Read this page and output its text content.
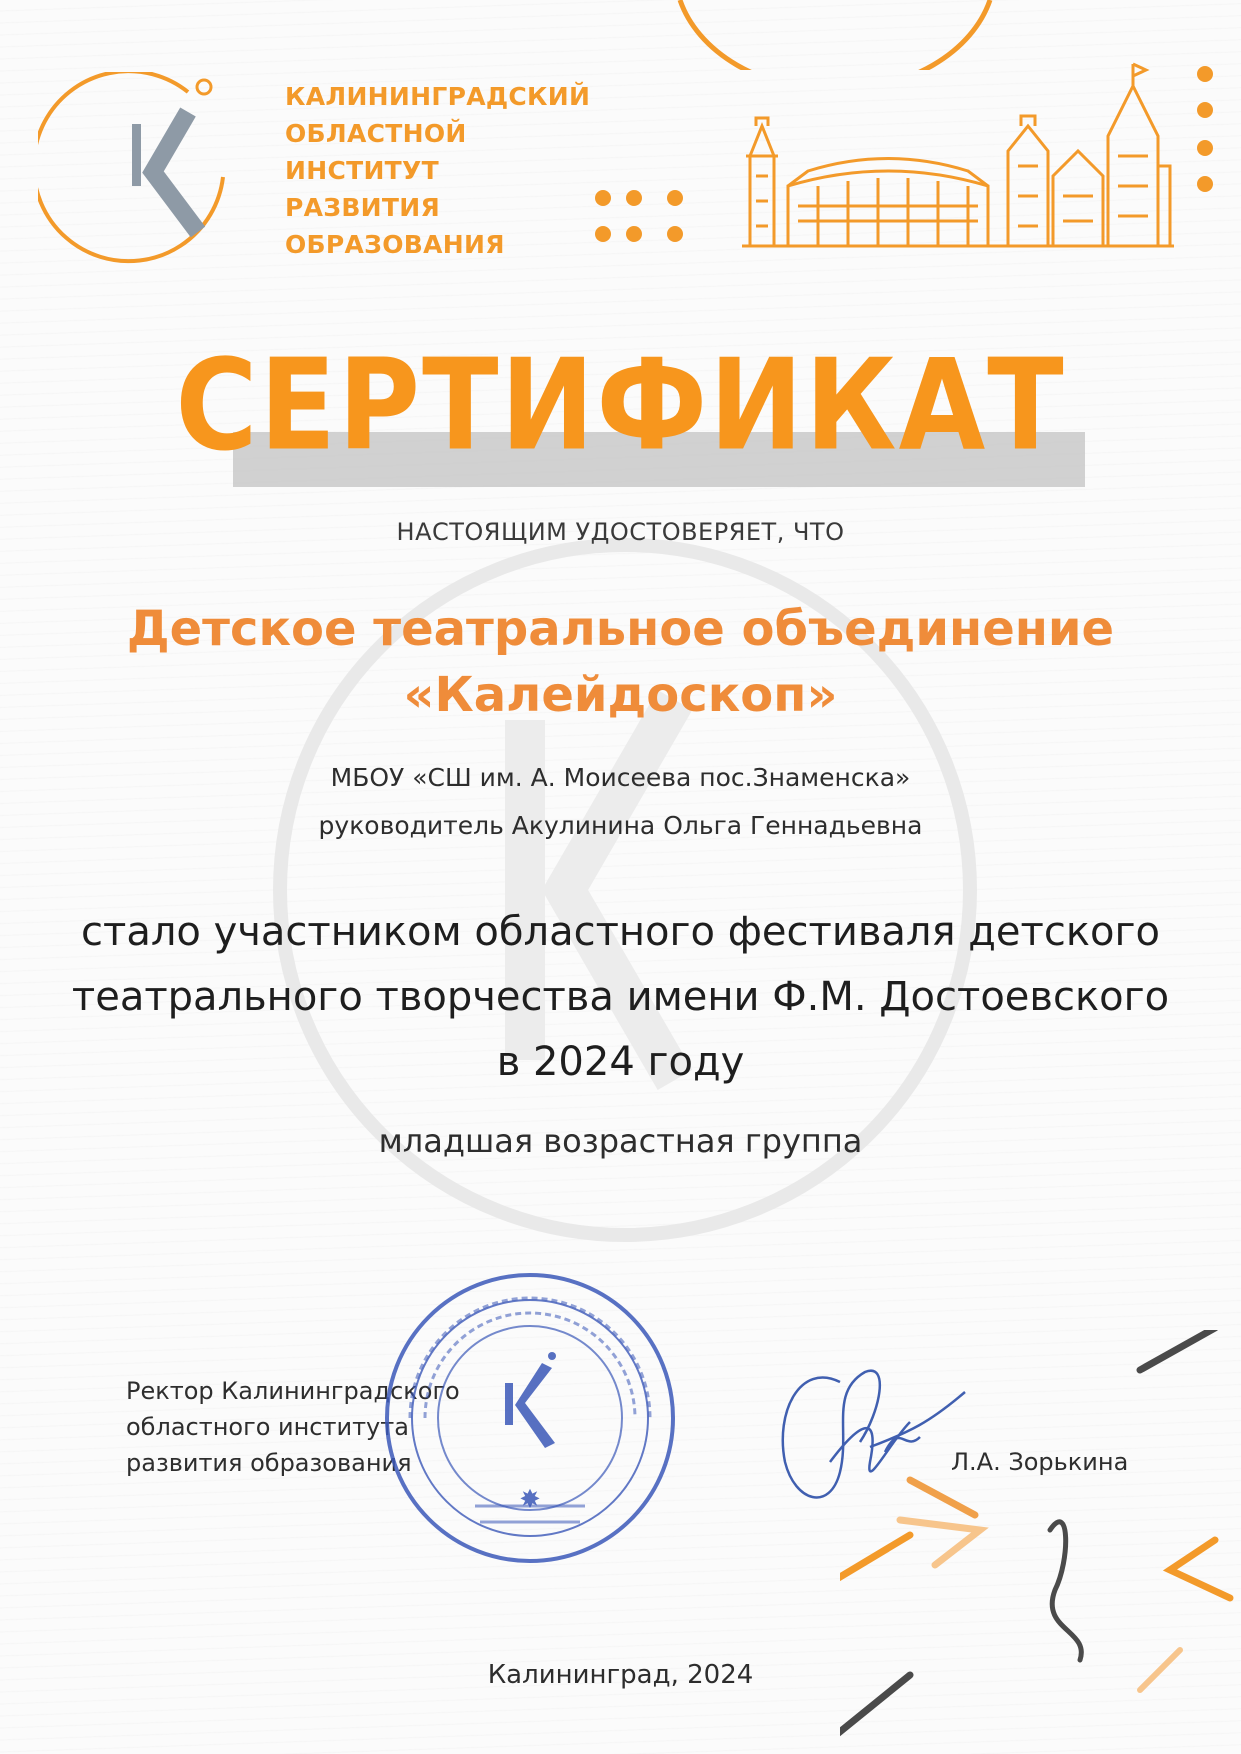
КАЛИНИНГРАДСКИЙ
ОБЛАСТНОЙ
ИНСТИТУТ
РАЗВИТИЯ
ОБРАЗОВАНИЯ
СЕРТИФИКАТ
НАСТОЯЩИМ УДОСТОВЕРЯЕТ, ЧТО
Детское театральное объединение
«Калейдоскоп»
МБОУ «СШ им. А. Моисеева пос.Знаменска»
руководитель Акулинина Ольга Геннадьевна
стало участником областного фестиваля детского
театрального творчества имени Ф.М. Достоевского
в 2024 году
младшая возрастная группа
Ректор Калининградского
областного института
развития образования	Л.А. Зорькина
Калининград, 2024
